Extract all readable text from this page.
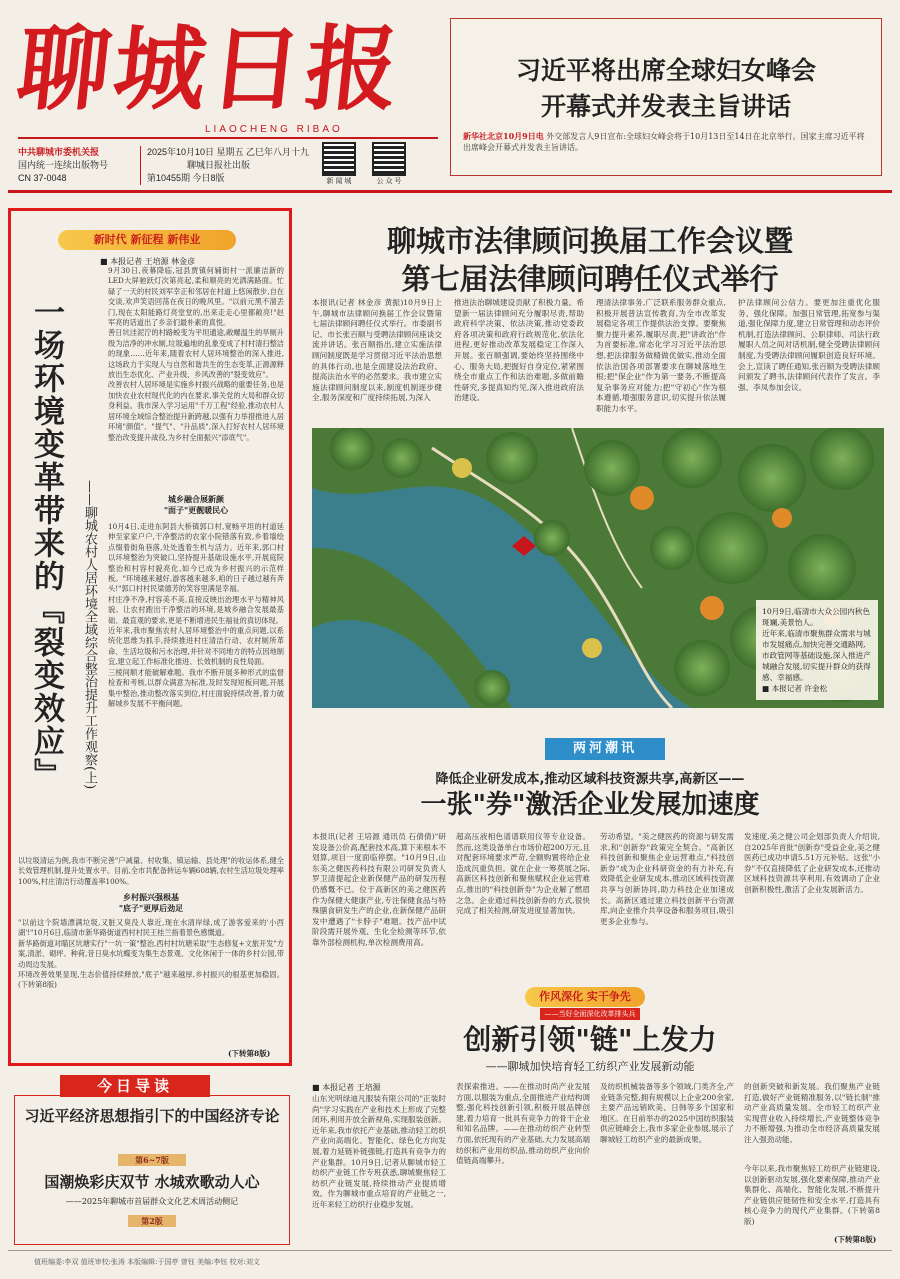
聊城日报
LIAOCHENG RIBAO
中共聊城市委机关报
国内统一连续出版物号
CN 37-0048
2025年10月10日 星期五 乙巳年八月十九
聊城日报社出版
第10455期 今日8版	新 闻 城	公 众 号
习近平将出席全球妇女峰会
开幕式并发表主旨讲话
新华社北京10月9日电 外交部发言人9日宣布:全球妇女峰会将于10月13日至14日在北京举行。国家主席习近平将出席峰会开幕式并发表主旨讲话。
新时代 新征程 新伟业
■ 本报记者 王培源 林金彦
一场环境变革带来的『裂变效应』	——聊城农村人居环境全域综合整治提升工作观察(上)

9月30日,夜幕降临,冠县贾镇何辅街村一派廉洁新的LED大屏驰跃灯次第亮起,柔和顺亮的光洒满路面。忙碌了一天的村民刘军幸正和邻居在村道上悠闲散步,自在交谈,欢声笑语回荡在夜日的晚风里。"以前元黑不溜丢门,现在太阳能路灯亮堂堂的,出来走走心里都敞亮!"赵军亮的话道出了乡亲们最朴素的真悦。

善日坑洼泥泞的村路蜕变为平坦通途,敞螺温生的旱厕升级为洁净的冲水厕,垃圾遍地的乱象变成了村村清扫整洁的现象……近年来,随着农村人居环境整治的深入推进,这场政力于实现人与自然和谐共生的生态变革,正源源释放出生态优化、产业升级、乡风改善的"裂变效应"。

改善农村人居环境是实施乡村振兴战略的重要任务,也是加快农业农村现代化的内在要求,事关党的大局和群众切身利益。我市深入学习运用"千万工程"经验,推动农村人居环境全域综合整治提升新跨越,以强有力举措推进人居环境"颜值"、"提气"、"升品质",深入打好农村人居环境整治改变提升战役,为乡村全面振兴"添底气"。

城乡融合展新颜
"面子"更靓暖民心

10月4日,走进东阿县大桥镇郭口村,宽畅平坦的村道延伸至家家户户,干净整洁的农家小院错落有致,乡着墙绘点缀着街角巷落,处处透着生机与活力。近年来,郭口村以环境整治为突破口,坚持提升基础设施水平,开展庭院整治和村容村貌亮化,如今已成为乡村振兴的示范样板。"环境越来越好,游客越来越多,咱的日子越过越有奔头!"郭口村村民梁德芳的笑容里满是幸福。

村庄净不净,村容美不美,直接反映出治理水平与精神风貌。让农村跑出干净整洁的环境,是城乡融合发展最基础、最直观的要求,更是不断增进民生福祉的真切体现。

近年来,我市聚焦农村人居环境整治中的重点问题,以系统化思维为抓手,持续推进村庄清洁行动、农村厕所革命、生活垃圾和污水治理,并针对不同地方的特点因地制宜,建立起工作标准化推进、长效机制的良性局面。

三棱间顺才能破解难题。我市不断开展多种形式的监督检查和考核,以群众满意为标准,及时发现短板问题,开展集中整治,推动整改落实到位,村庄面貌持续改善,着力破解城乡发展不平衡问题。

以垃圾清运为例,我市不断完善"户减量、村收集、镇运输、县处理"的收运体系,健全长效管理机制,提升处置水平。目前,全市共配备转运车辆608辆,农村生活垃圾处理率100%,村庄清洁行动覆盖率100%。

乡村振兴强根基
"底子"更厚后劲足

"以前这个院墙漂满垃圾,又脏又臭没人靠近,现在水清岸绿,成了游客爱来的'小西湖'!"10月6日,临清市新华路街道西村村民王桂兰指着景色感慨道。

新华路街道对瞄区坑塘实行"一坑一策"整治,西村村坑塘采取"生态修复+文旅开发"方案,清淤、砌坪、种荷,昔日臭水坑蝶变为集生态景观、文化休闲于一体的乡村公园,带动周边发展。

环境改善效果显现,生态价值持续释放,"底子"越来越厚,乡村振兴的根基更加稳固。(下转第8版)

(下转第8版)
今日导读
习近平经济思想指引下的中国经济专论
第6~7版
国潮焕彩庆双节 水城欢歌动人心
——2025年聊城市首届群众文化艺术周活动侧记
第2版
聊城市法律顾问换届工作会议暨
第七届法律顾问聘任仪式举行
本报讯(记者 林金彦 黄振)10月9日上午,聊城市法律顾问换届工作会议暨第七届法律顾问聘任仪式举行。市委副书记、市长张百顺与受聘法律顾问座谈交流并讲话。张百顺指出,建立实施法律顾问制度既是学习贯彻习近平法治思想的具体行动,也是全面建设法治政府、提高法治水平的必然要求。我市建立实施法律顾问制度以来,制度机制逐步健全,服务深度和广度持续拓展,为深入
推进法治聊城建设贡献了积极力量。希望新一届法律顾问充分履职尽责,帮助政府科学决策、依法决策,推动党委政府各项决策和政府行政规范化,依法化进程,更好推动改革发展稳定工作深入开展。张百顺强调,要始终坚持围绕中心、服务大局,把握好自身定位,紧紧围绕全市重点工作和法治难题,多做前瞻性研究,多提真知灼见,深入推进政府法治建设。
理清法律事务,广泛联系服务群众重点,积极开展普法宣传教育,为全市改革发展稳定各项工作提供法治支撑。要聚焦聚力提升素养,履职尽责,把"讲政治"作为首要标准,常态化学习习近平法治思想,把法律服务做精做优做实,推动全面依法治国各项部署要求在聊城落地生根;把"保企业"作为第一要务,不断提高复杂事务应对能力;把"守初心"作为根本遵循,增强服务意识,切实提升依法履职能力水平。
护法律顾问公信力。要更加注重优化服务、强化保障。加强日常管理,拓宽参与渠道,强化保障力度,建立日常管理和动态评价机制,打造法律顾问、公职律师、司法行政履职人员之间对话机制,健全受聘法律顾问制度,为受聘法律顾问履职创造良好环境。会上,宣读了聘任通知,张百顺为受聘法律顾问颁发了聘书,法律顾问代表作了发言。李强、李凤参加会议。

10月9日,临清市大众公园内秋色斑斓,美景怡人。

近年来,临清市聚焦群众需求与城市发展痛点,加快完善交通路网,市政管网等基础设施,深入推进产城融合发展,切实提升群众的获得感、幸福感。

■ 本报记者 许金松

两河潮讯
降低企业研发成本,推动区域科技资源共享,高新区——
一张"券"激活企业发展加速度
本报讯(记者 王培源 通讯员 石倩倩)"研发设备公价高,配套技术高,算下来根本不划算,项目一度面临停摆。"10月9日,山东美之健医药科技有限公司研发负责人罗卫清提起企业新保健产品的研发历程仍感慨不已。位于高新区的美之健医药作为保健大健康产业,专注保健食品与特殊膳食研发生产的企业,在新保健产品研发中遭遇了"卡脖子"难题。技产品中试阶段需开展外观、生化全检测等环节,依靠外部检测机构,单次检测费用高。
超高压液相色谱谱联用仪等专业设备。然而,这类设备单台市场价超200万元,且对配套环境要求严苛,全额购置将给企业造成沉重负担。就在企业一筹莫展之际,高新区科技创新和聚焦赋权企业运营难点,推出的"科技创新券"为企业解了燃眉之急。企业通过科技创新券的方式,很快完成了相关检测,研发进度显著加快。
劳动希望。"美之健医药的资源与研发需求,和"创新券"政策完全契合。"高新区科技创新和聚焦企业运营难点,"科技创新券"成为企业科研资金的有力补充,有效降低企业研发成本,推动区域科技资源共享与创新协同,助力科技企业加速成长。高新区通过建立科技创新平台资源库,向企业推介共享设备和服务项目,吸引更多企业参与。
发速度,美之健公司企划部负责人介绍说,自2025年首批"创新券"受益企业,美之健医药已成功申请5.51万元补贴。这张"小券"不仅直接降低了企业研发成本,还推动区域科技资源共享利用,有效调动了企业创新积极性,激活了企业发展新活力。
作风深化 实干争先
——当好全面深化改革排头兵
创新引领"链"上发力
——聊城加快培育轻工纺织产业发展新动能
■ 本报记者 王培源
山东光明绿迪凡服装有限公司的"正装时尚"学习实践在产业和技术上形成了完整闭环,利用开放全新视角,实现服装创新。近年来,我市依托产业基础,推动轻工纺织产业向高端化、智能化、绿色化方向发展,着力延链补链强链,打造具有竞争力的产业集群。10月9日,记者从聊城市轻工纺织产业链工作专班获悉,聊城聚焦轻工纺织产业链发展,持续推动产业提质增效。作为聊城市重点培育的产业链之一,近年来轻工纺织行业稳步发展。
表探索推进。——在推动时尚产业发展方面,以服装为重点,全面推进产业结构调整,强化科技创新引领,积极开展品牌创建,着力培育一批具有竞争力的骨干企业和知名品牌。——在推动纺织产业转型方面,依托现有的产业基础,大力发展高端纺织和产业用纺织品,推动纺织产业向价值链高端攀升。
及纺织机械装备等多个领域,门类齐全,产业链条完整,拥有规模以上企业200余家,主要产品远销欧美、日韩等多个国家和地区。在日前举办的2025中国纺织服装供应链峰会上,我市多家企业参展,展示了聊城轻工纺织产业的最新成果。
的创新突破和新发展。我们聚焦产业链打造,做好产业链精准服务,以"链长制"推动产业高质量发展。全市轻工纺织产业实现营业收入持续增长,产业链整体竞争力不断增强,为推动全市经济高质量发展注入强劲动能。
今年以来,我市聚焦轻工纺织产业链建设,以创新驱动发展,强化要素保障,推动产业集群化、高端化、智能化发展,不断提升产业链供应链韧性和安全水平,打造具有核心竞争力的现代产业集群。(下转第8版)
(下转第8版)
值班编委:李双 值班审校:张涛 本版编辑:于国亭 曾钰 美编:李钰 校对:刘文
